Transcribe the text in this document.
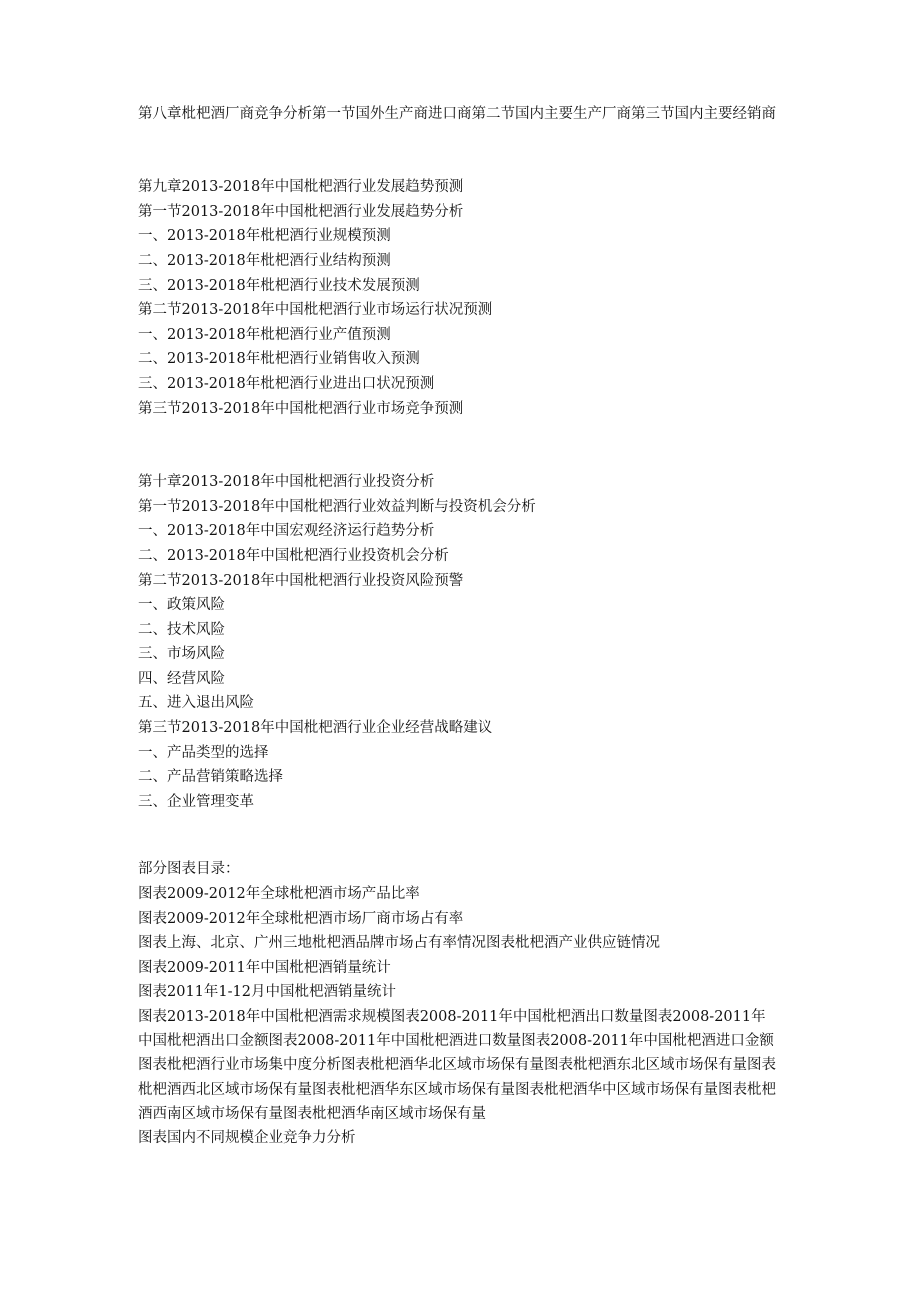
第八章枇杷酒厂商竞争分析第一节国外生产商进口商第二节国内主要生产厂商第三节国内主要经销商
第九章2013-2018年中国枇杷酒行业发展趋势预测
第一节2013-2018年中国枇杷酒行业发展趋势分析
一、2013-2018年枇杷酒行业规模预测
二、2013-2018年枇杷酒行业结构预测
三、2013-2018年枇杷酒行业技术发展预测
第二节2013-2018年中国枇杷酒行业市场运行状况预测
一、2013-2018年枇杷酒行业产值预测
二、2013-2018年枇杷酒行业销售收入预测
三、2013-2018年枇杷酒行业进出口状况预测
第三节2013-2018年中国枇杷酒行业市场竞争预测
第十章2013-2018年中国枇杷酒行业投资分析
第一节2013-2018年中国枇杷酒行业效益判断与投资机会分析
一、2013-2018年中国宏观经济运行趋势分析
二、2013-2018年中国枇杷酒行业投资机会分析
第二节2013-2018年中国枇杷酒行业投资风险预警
一、政策风险
二、技术风险
三、市场风险
四、经营风险
五、进入退出风险
第三节2013-2018年中国枇杷酒行业企业经营战略建议
一、产品类型的选择
二、产品营销策略选择
三、企业管理变革
部分图表目录：
图表2009-2012年全球枇杷酒市场产品比率
图表2009-2012年全球枇杷酒市场厂商市场占有率
图表上海、北京、广州三地枇杷酒品牌市场占有率情况图表枇杷酒产业供应链情况
图表2009-2011年中国枇杷酒销量统计
图表2011年1-12月中国枇杷酒销量统计
图表2013-2018年中国枇杷酒需求规模图表2008-2011年中国枇杷酒出口数量图表2008-2011年中国枇杷酒出口金额图表2008-2011年中国枇杷酒进口数量图表2008-2011年中国枇杷酒进口金额图表枇杷酒行业市场集中度分析图表枇杷酒华北区域市场保有量图表枇杷酒东北区域市场保有量图表枇杷酒西北区域市场保有量图表枇杷酒华东区域市场保有量图表枇杷酒华中区域市场保有量图表枇杷酒西南区域市场保有量图表枇杷酒华南区域市场保有量
图表国内不同规模企业竞争力分析
